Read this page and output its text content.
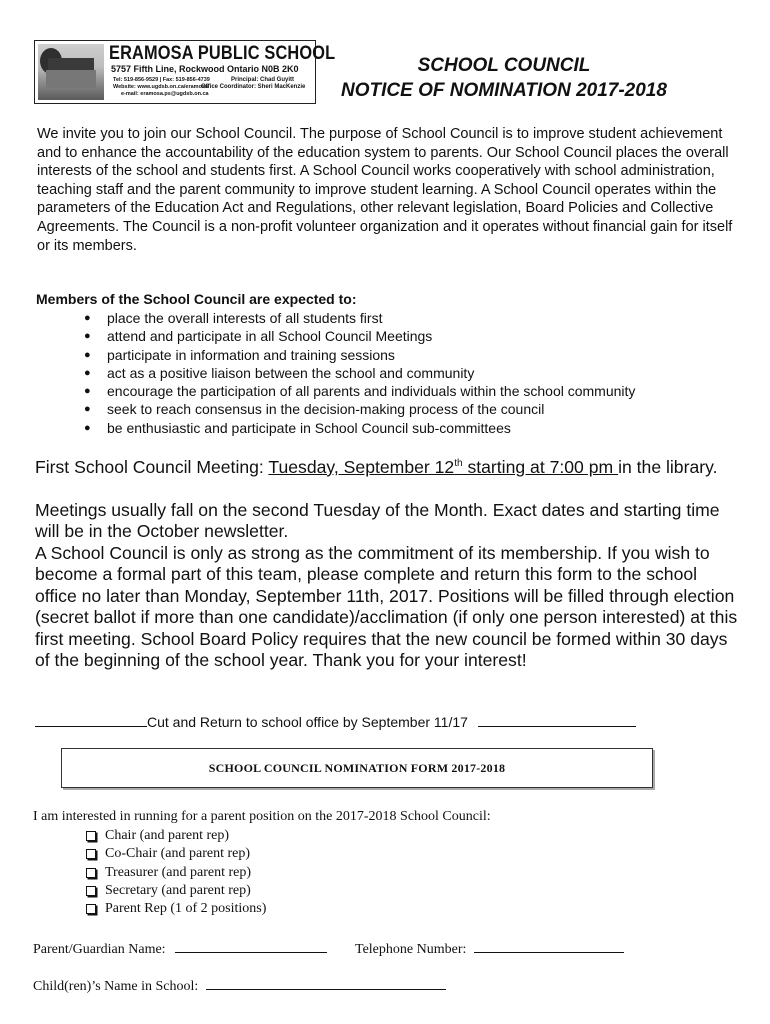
ERAMOSA PUBLIC SCHOOL
5757 Fifth Line, Rockwood Ontario N0B 2K0
Tel: 519-856-9529 | Fax: 519-856-4739
Website: www.ugdsb.on.ca/eramosa
e-mail: eramosa.ps@ugdsb.on.ca
Principal: Chad Guyitt
Office Coordinator: Sheri MacKenzie
SCHOOL COUNCIL
NOTICE OF NOMINATION 2017-2018

We invite you to join our School Council. The purpose of School Council is to improve student achievement and to enhance the accountability of the education system to parents. Our School Council places the overall interests of the school and students first. A School Council works cooperatively with school administration, teaching staff and the parent community to improve student learning. A School Council operates within the parameters of the Education Act and Regulations, other relevant legislation, Board Policies and Collective Agreements. The Council is a non-profit volunteer organization and it operates without financial gain for itself or its members.

Members of the School Council are expected to:
● place the overall interests of all students first
● attend and participate in all School Council Meetings
● participate in information and training sessions
● act as a positive liaison between the school and community
● encourage the participation of all parents and individuals within the school community
● seek to reach consensus in the decision-making process of the council
● be enthusiastic and participate in School Council sub-committees

First School Council Meeting: Tuesday, September 12th starting at 7:00 pm in the library.

Meetings usually fall on the second Tuesday of the Month. Exact dates and starting time will be in the October newsletter.

A School Council is only as strong as the commitment of its membership. If you wish to become a formal part of this team, please complete and return this form to the school office no later than Monday, September 11th, 2017. Positions will be filled through election (secret ballot if more than one candidate)/acclimation (if only one person interested) at this first meeting. School Board Policy requires that the new council be formed within 30 days of the beginning of the school year. Thank you for your interest!

Cut and Return to school office by September 11/17
SCHOOL COUNCIL NOMINATION FORM 2017-2018
I am interested in running for a parent position on the 2017-2018 School Council:
Chair (and parent rep)
Co-Chair (and parent rep)
Treasurer (and parent rep)
Secretary (and parent rep)
Parent Rep (1 of 2 positions)
Parent/Guardian Name:	Telephone Number:
Child(ren)’s Name in School:
